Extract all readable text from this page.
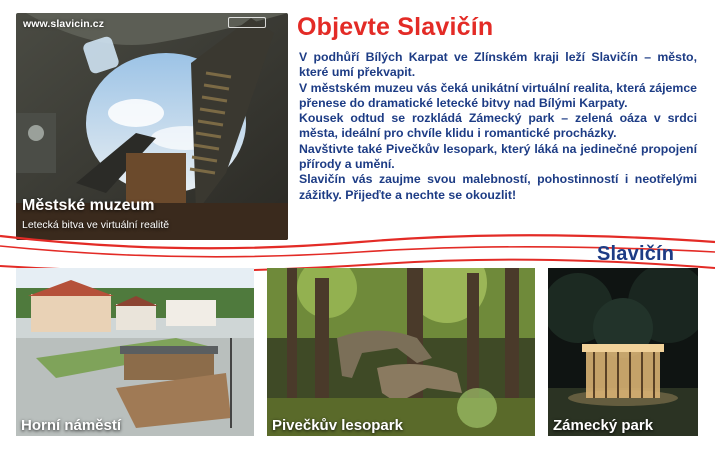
www.slavicin.cz
Městské muzeum
Letecká bitva ve virtuální realitě
Objevte Slavičín

V podhůří Bílých Karpat ve Zlínském kraji leží Slavičín – město, které umí překvapit.

V městském muzeu vás čeká unikátní virtuální realita, která zájemce přenese do dramatické letecké bitvy nad Bílými Karpaty.

Kousek odtud se rozkládá Zámecký park – zelená oáza v srdci města, ideální pro chvíle klidu i romantické procházky.

Navštivte také Pivečkův lesopark, který láká na jedinečné propojení přírody a umění.

Slavičín vás zaujme svou malebností, pohostinností i neotřelými zážitky. Přijeďte a nechte se okouzlit!

Slavičín
Horní náměstí	Pivečkův lesopark	Zámecký park
